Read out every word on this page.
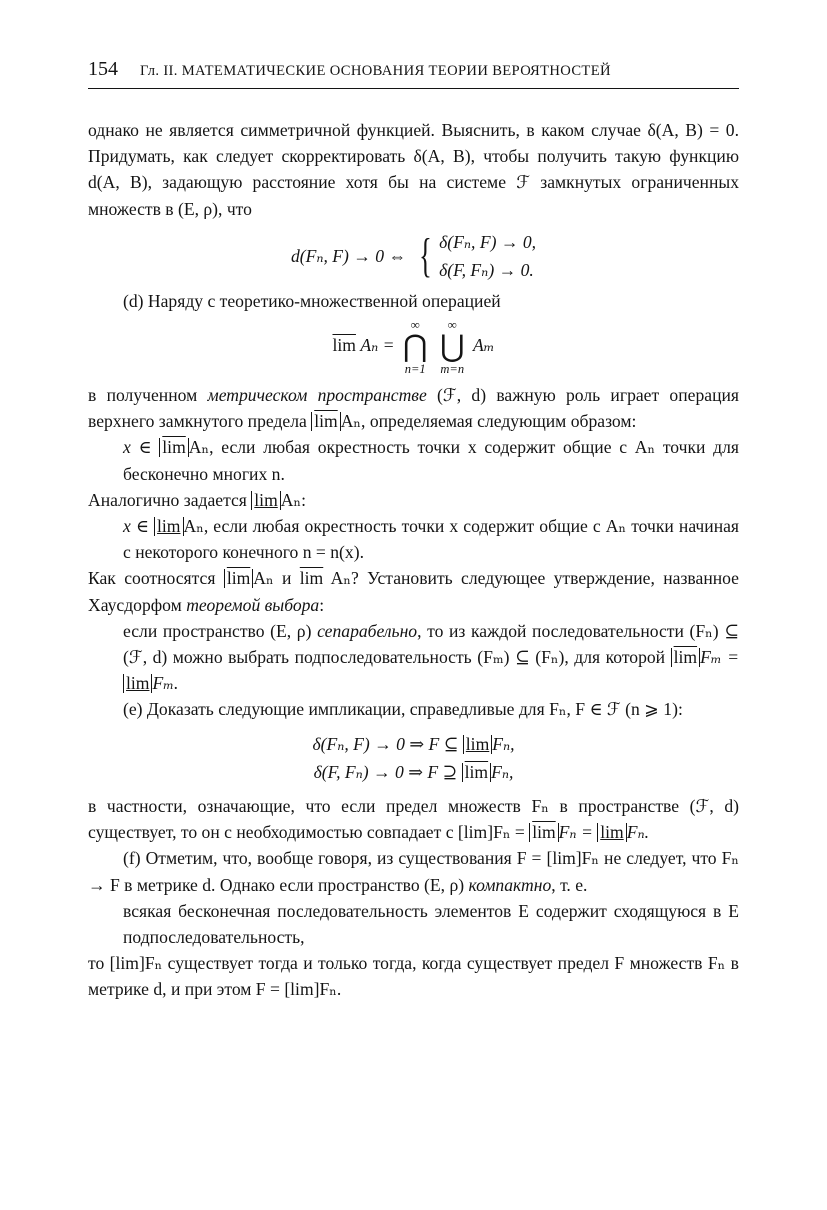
154 Гл. II. МАТЕМАТИЧЕСКИЕ ОСНОВАНИЯ ТЕОРИИ ВЕРОЯТНОСТЕЙ

однако не является симметричной функцией. Выяснить, в каком случае δ(A, B) = 0. Придумать, как следует скорректировать δ(A, B), чтобы получить такую функцию d(A, B), задающую расстояние хотя бы на системе ℱ замкнутых ограниченных множеств в (E, ρ), что

d(Fₙ, F) → 0 ⇔ { δ(Fₙ, F) → 0,
δ(F, Fₙ) → 0.

(d) Наряду с теоретико-множественной операцией

$\overline{lim}$ Aₙ =
∞
⋂
n=1

∞
⋃
m=n
Aₘ

в полученном метрическом пространстве (ℱ, d) важную роль играет операция верхнего замкнутого предела $\overline{lim}$ Aₙ, определяемая следующим образом:

x ∈ $\overline{lim}$ Aₙ, если любая окрестность точки x содержит общие с Aₙ точки для бесконечно многих n.

Аналогично задается lim Aₙ:

x ∈ lim Aₙ, если любая окрестность точки x содержит общие с Aₙ точки начиная с некоторого конечного n = n(x).

Как соотносятся $\overline{lim}$ Aₙ и $\overline{lim}$ Aₙ? Установить следующее утверждение, названное Хаусдорфом теоремой выбора:

если пространство (E, ρ) сепарабельно, то из каждой последовательности (Fₙ) ⊆ (ℱ, d) можно выбрать подпоследовательность (Fₘ) ⊆ (Fₙ), для которой $\overline{lim}$ Fₘ = lim Fₘ.

(e) Доказать следующие импликации, справедливые для Fₙ, F ∈ ℱ (n ⩾ 1):

δ(Fₙ, F) → 0 ⇒ F ⊆ lim Fₙ,
δ(F, Fₙ) → 0 ⇒ F ⊇ $\overline{lim}$ Fₙ,

в частности, означающие, что если предел множеств Fₙ в пространстве (ℱ, d) существует, то он с необходимостью совпадает с $[\lim]F_n = \overline{lim}$ Fₙ = lim Fₙ.

(f) Отметим, что, вообще говоря, из существования F = [lim]Fₙ не следует, что Fₙ → F в метрике d. Однако если пространство (E, ρ) компактно, т. е.

всякая бесконечная последовательность элементов E содержит сходящуюся в E подпоследовательность,

то [lim]Fₙ существует тогда и только тогда, когда существует предел F множеств Fₙ в метрике d, и при этом F = [lim]Fₙ.
